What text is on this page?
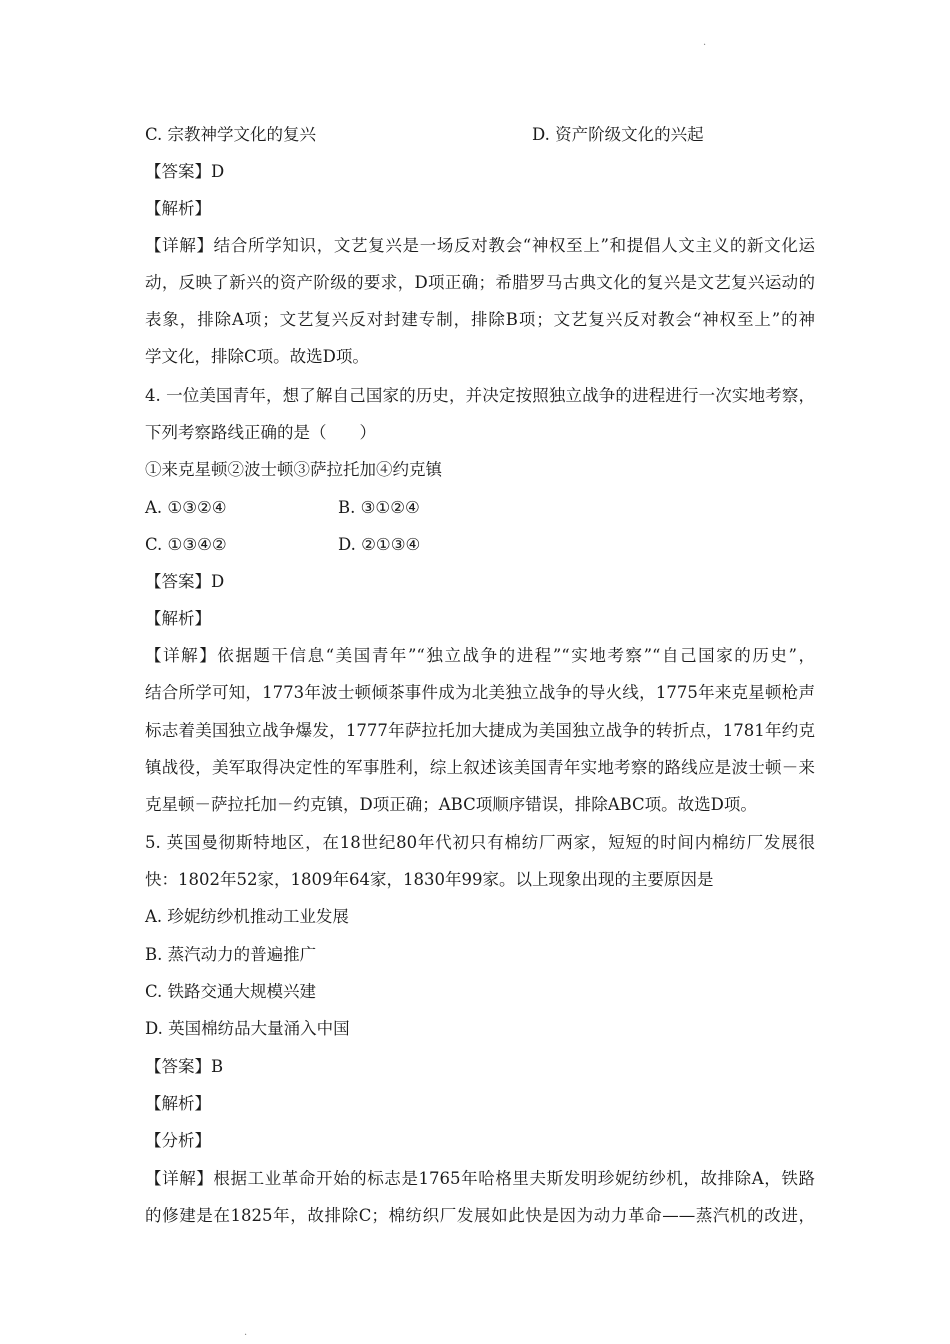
·
C. 宗教神学文化的复兴	D. 资产阶级文化的兴起
【答案】D
【解析】
【详解】结合所学知识，文艺复兴是一场反对教会“神权至上”和提倡人文主义的新文化运
动，反映了新兴的资产阶级的要求，D项正确；希腊罗马古典文化的复兴是文艺复兴运动的
表象，排除A项；文艺复兴反对封建专制，排除B项；文艺复兴反对教会“神权至上”的神
学文化，排除C项。故选D项。
4. 一位美国青年，想了解自己国家的历史，并决定按照独立战争的进程进行一次实地考察，
下列考察路线正确的是（　　）
①来克星顿②波士顿③萨拉托加④约克镇
A. ①③②④	B. ③①②④
C. ①③④②	D. ②①③④
【答案】D
【解析】
【详解】依据题干信息“美国青年”“独立战争的进程”“实地考察”“自己国家的历史”，
结合所学可知，1773年波士顿倾茶事件成为北美独立战争的导火线，1775年来克星顿枪声
标志着美国独立战争爆发，1777年萨拉托加大捷成为美国独立战争的转折点，1781年约克
镇战役，美军取得决定性的军事胜利，综上叙述该美国青年实地考察的路线应是波士顿－来
克星顿－萨拉托加－约克镇，D项正确；ABC项顺序错误，排除ABC项。故选D项。
5. 英国曼彻斯特地区，在18世纪80年代初只有棉纺厂两家，短短的时间内棉纺厂发展很
快：1802年52家，1809年64家，1830年99家。以上现象出现的主要原因是
A. 珍妮纺纱机推动工业发展
B. 蒸汽动力的普遍推广
C. 铁路交通大规模兴建
D. 英国棉纺品大量涌入中国
【答案】B
【解析】
【分析】
【详解】根据工业革命开始的标志是1765年哈格里夫斯发明珍妮纺纱机，故排除A，铁路
的修建是在1825年，故排除C；棉纺织厂发展如此快是因为动力革命——蒸汽机的改进，
·
